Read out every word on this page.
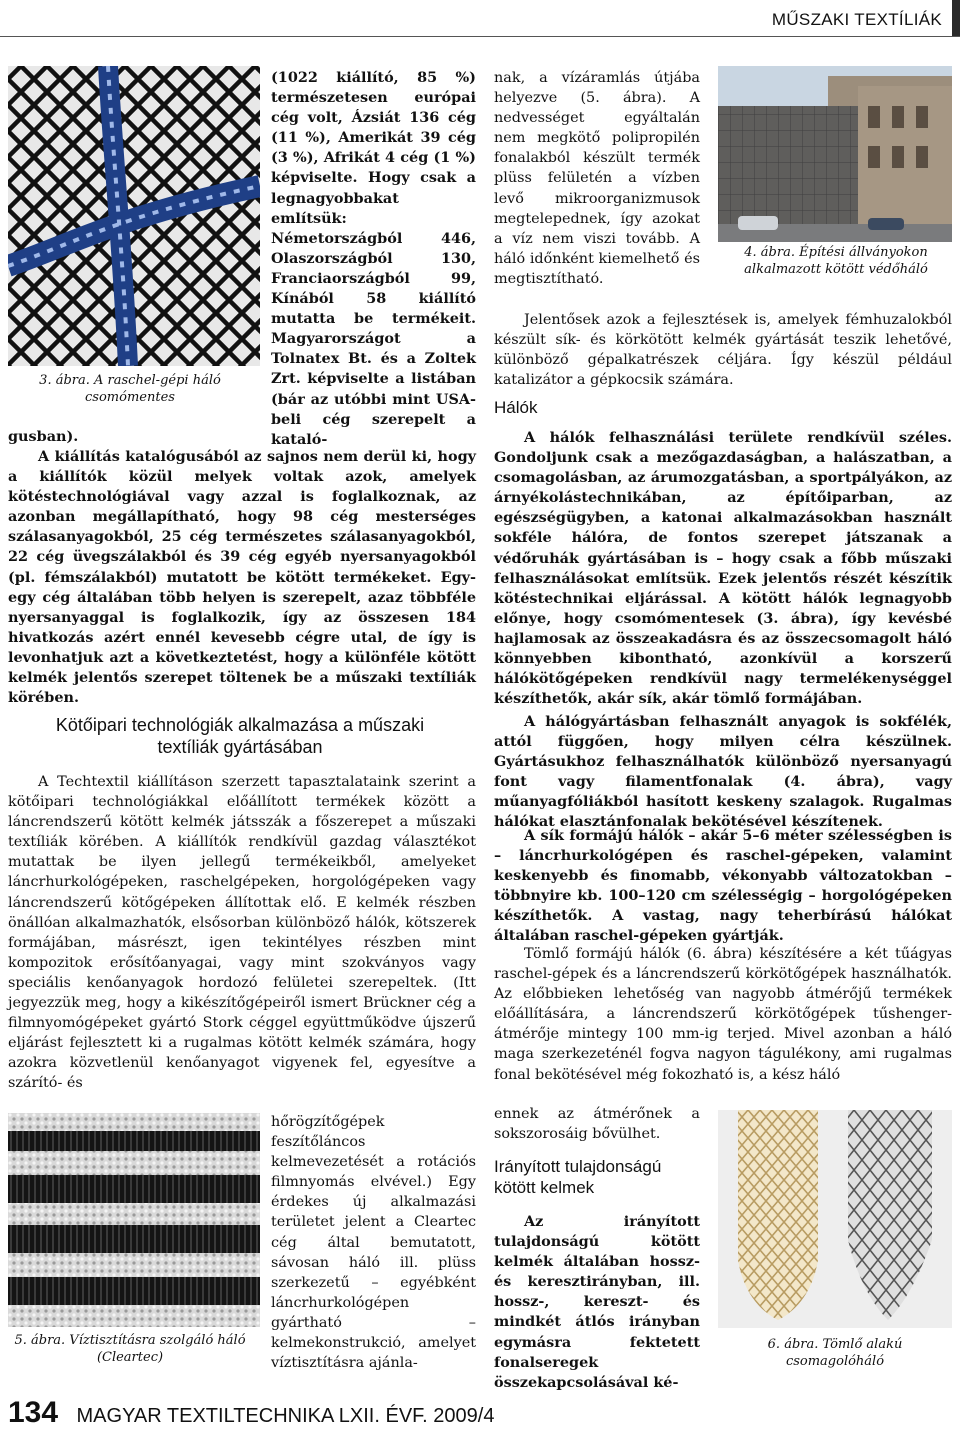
MŰSZAKI TEXTÍLIÁK
3. ábra. A raschel-gépi háló csomómentes
(1022 kiállító, 85 %) természetesen európai cég volt, Ázsiát 136 cég (11 %), Amerikát 39 cég (3 %), Afrikát 4 cég (1 %) képviselte. Hogy csak a legnagyobbakat említsük: Németországból 446, Olaszországból 130, Franciaországból 99, Kínából 58 kiállító mutatta be termékeit. Magyarországot a Tolnatex Bt. és a Zoltek Zrt. képviselte a listában (bár az utóbbi mint USA-beli cég szerepelt a kataló-
gusban).
A kiállítás katalógusából az sajnos nem derül ki, hogy a kiállítók közül melyek voltak azok, amelyek kötéstechnológiával vagy azzal is foglalkoznak, az azonban megállapítható, hogy 98 cég mesterséges szálasanyagokból, 25 cég természetes szálasanyagokból, 22 cég üvegszálakból és 39 cég egyéb nyersanyagokból (pl. fémszálakból) mutatott be kötött termékeket. Egy-egy cég általában több helyen is szerepelt, azaz többféle nyersanyaggal is foglalkozik, így az összesen 184 hivatkozás azért ennél kevesebb cégre utal, de így is levonhatjuk azt a következtetést, hogy a különféle kötött kelmék jelentős szerepet töltenek be a műszaki textíliák körében.
Kötőipari technológiák alkalmazása a műszaki textíliák gyártásában
A Techtextil kiállításon szerzett tapasztalataink szerint a kötőipari technológiákkal előállított termékek között a láncrendszerű kötött kelmék játsszák a főszerepet a műszaki textíliák körében. A kiállítók rendkívül gazdag választékot mutattak be ilyen jellegű termékeikből, amelyeket láncrhurkológépeken, raschelgépeken, horgológépeken vagy láncrendszerű kötőgépeken állítottak elő. E kelmék részben önállóan alkalmazhatók, elsősorban különböző hálók, kötszerek formájában, másrészt, igen tekintélyes részben mint kompozitok erősítőanyagai, vagy mint szokványos vagy speciális kenőanyagok hordozó felületei szerepeltek. (Itt jegyezzük meg, hogy a kikészítőgépeiről ismert Brückner cég a filmnyomógépeket gyártó Stork céggel együttműködve újszerű eljárást fejlesztett ki a rugalmas kötött kelmék számára, hogy azokra közvetlenül kenőanyagot vigyenek fel, egyesítve a szárító- és
5. ábra. Víztisztításra szolgáló háló (Cleartec)
hőrögzítőgépek feszítőláncos kelmevezetését a rotációs filmnyomás elvével.) Egy érdekes új alkalmazási területet jelent a Cleartec cég által bemutatott, sávosan háló ill. plüss szerkezetű – egyébként láncrhurkológépen gyártható – kelmekonstrukció, amelyet víztisztításra ajánla-
nak, a vízáramlás útjába helyezve (5. ábra). A nedvességet egyáltalán nem megkötő polipropilén fonalakból készült termék plüss felületén a vízben levő mikroorganizmusok megtelepednek, így azokat a víz nem viszi tovább. A háló időnként kiemelhető és megtisztítható.
4. ábra. Építési állványokon alkalmazott kötött védőháló
Jelentősek azok a fejlesztések is, amelyek fémhuzalokból készült sík- és körkötött kelmék gyártását teszik lehetővé, különböző gépalkatrészek céljára. Így készül például katalizátor a gépkocsik számára.
Hálók
A hálók felhasználási területe rendkívül széles. Gondoljunk csak a mezőgazdaságban, a halászatban, a csomagolásban, az árumozgatásban, a sportpályákon, az árnyékolástechnikában, az építőiparban, az egészségügyben, a katonai alkalmazásokban használt sokféle hálóra, de fontos szerepet játszanak a védőruhák gyártásában is – hogy csak a főbb műszaki felhasználásokat említsük. Ezek jelentős részét készítik kötéstechnikai eljárással. A kötött hálók legnagyobb előnye, hogy csomómentesek (3. ábra), így kevésbé hajlamosak az összeakadásra és az összecsomagolt háló könnyebben kibontható, azonkívül a korszerű hálókötőgépeken rendkívül nagy termelékenységgel készíthetők, akár sík, akár tömlő formájában.
A hálógyártásban felhasznált anyagok is sokfélék, attól függően, hogy milyen célra készülnek. Gyártásukhoz felhasználhatók különböző nyersanyagú font vagy filamentfonalak (4. ábra), vagy műanyagfóliákból hasított keskeny szalagok. Rugalmas hálókat elasztánfonalak bekötésével készítenek.
A sík formájú hálók – akár 5–6 méter szélességben is – láncrhurkológépen és raschel-gépeken, valamint keskenyebb és finomabb, vékonyabb változatokban – többnyire kb. 100–120 cm szélességig – horgológépeken készíthetők. A vastag, nagy teherbírású hálókat általában raschel-gépeken gyártják.
Tömlő formájú hálók (6. ábra) készítésére a két tűágyas raschel-gépek és a láncrendszerű körkötőgépek használhatók. Az előbbieken lehetőség van nagyobb átmérőjű termékek előállítására, a láncrendszerű körkötőgépek tűshenger-átmérője mintegy 100 mm-ig terjed. Mivel azonban a háló maga szerkezeténél fogva nagyon tágulékony, ami rugalmas fonal bekötésével még fokozható is, a kész háló
ennek az átmérőnek a sokszorosáig bővülhet.
Irányított tulajdonságú kötött kelmek
Az irányított tulajdonságú kötött kelmék általában hossz- és keresztirányban, ill. hossz-, kereszt- és mindkét átlós irányban egymásra fektetett fonalseregek összekapcsolásával ké-
6. ábra. Tömlő alakú csomagolóháló
134 MAGYAR TEXTILTECHNIKA LXII. ÉVF. 2009/4
